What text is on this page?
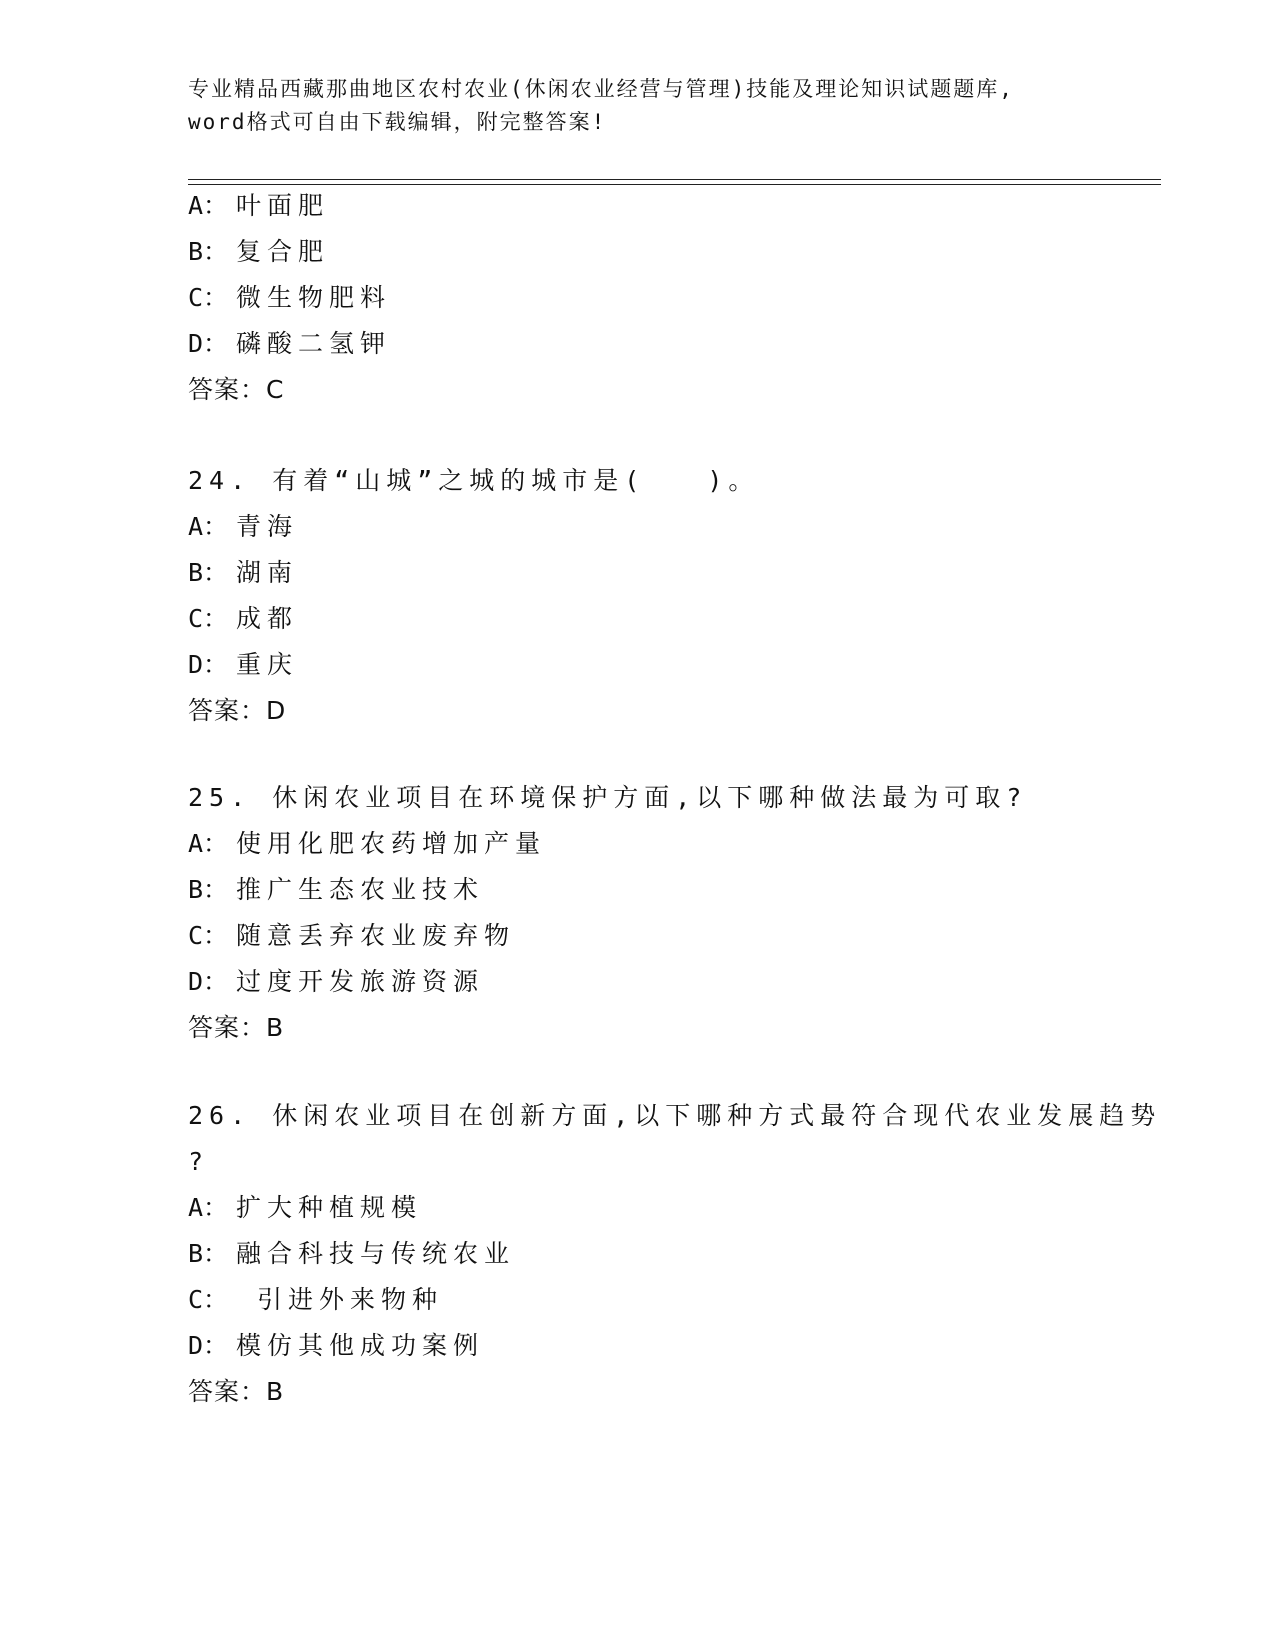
专业精品西藏那曲地区农村农业(休闲农业经营与管理)技能及理论知识试题题库,
word格式可自由下载编辑，附完整答案!
A： 叶面肥
B： 复合肥
C： 微生物肥料
D： 磷酸二氢钾
答案：C
24. 有着“山城”之城的城市是(　　)。
A： 青海
B： 湖南
C： 成都
D： 重庆
答案：D
25. 休闲农业项目在环境保护方面,以下哪种做法最为可取?
A： 使用化肥农药增加产量
B： 推广生态农业技术
C： 随意丢弃农业废弃物
D： 过度开发旅游资源
答案：B
26. 休闲农业项目在创新方面,以下哪种方式最符合现代农业发展趋势
?
A： 扩大种植规模
B： 融合科技与传统农业
C： 引进外来物种
D： 模仿其他成功案例
答案：B
